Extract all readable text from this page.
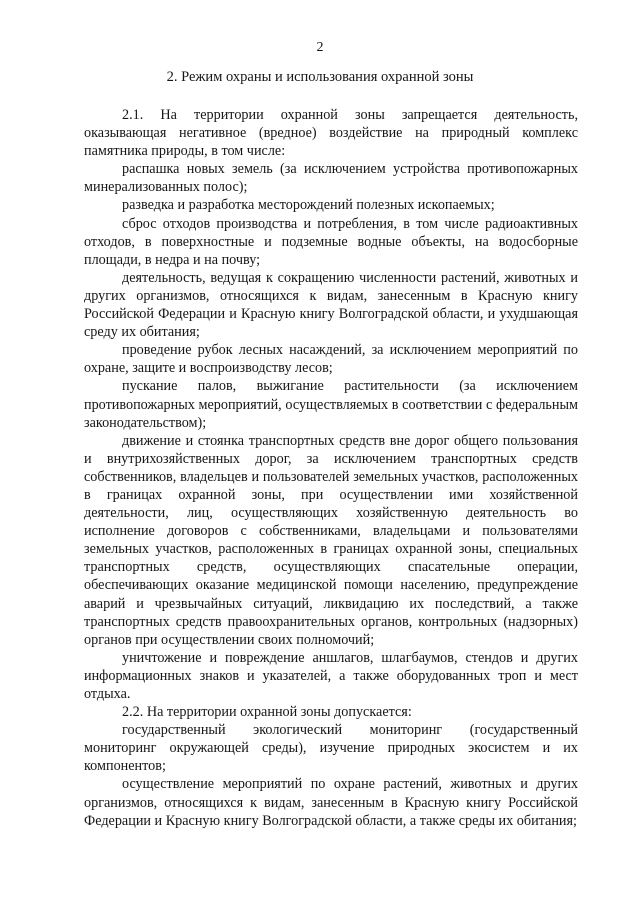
2
2. Режим охраны и использования охранной зоны

2.1. На территории охранной зоны запрещается деятельность, оказывающая негативное (вредное) воздействие на природный комплекс памятника природы, в том числе:

распашка новых земель (за исключением устройства противопожарных минерализованных полос);

разведка и разработка месторождений полезных ископаемых;

сброс отходов производства и потребления, в том числе радиоактивных отходов, в поверхностные и подземные водные объекты, на водосборные площади, в недра и на почву;

деятельность, ведущая к сокращению численности растений, животных и других организмов, относящихся к видам, занесенным в Красную книгу Российской Федерации и Красную книгу Волгоградской области, и ухудшающая среду их обитания;

проведение рубок лесных насаждений, за исключением мероприятий по охране, защите и воспроизводству лесов;

пускание палов, выжигание растительности (за исключением противопожарных мероприятий, осуществляемых в соответствии с федеральным законодательством);

движение и стоянка транспортных средств вне дорог общего пользования и внутрихозяйственных дорог, за исключением транспортных средств собственников, владельцев и пользователей земельных участков, расположенных в границах охранной зоны, при осуществлении ими хозяйственной деятельности, лиц, осуществляющих хозяйственную деятельность во исполнение договоров с собственниками, владельцами и пользователями земельных участков, расположенных в границах охранной зоны, специальных транспортных средств, осуществляющих спасательные операции, обеспечивающих оказание медицинской помощи населению, предупреждение аварий и чрезвычайных ситуаций, ликвидацию их последствий, а также транспортных средств правоохранительных органов, контрольных (надзорных) органов при осуществлении своих полномочий;

уничтожение и повреждение аншлагов, шлагбаумов, стендов и других информационных знаков и указателей, а также оборудованных троп и мест отдыха.

2.2. На территории охранной зоны допускается:

государственный экологический мониторинг (государственный мониторинг окружающей среды), изучение природных экосистем и их компонентов;

осуществление мероприятий по охране растений, животных и других организмов, относящихся к видам, занесенным в Красную книгу Российской Федерации и Красную книгу Волгоградской области, а также среды их обитания;
